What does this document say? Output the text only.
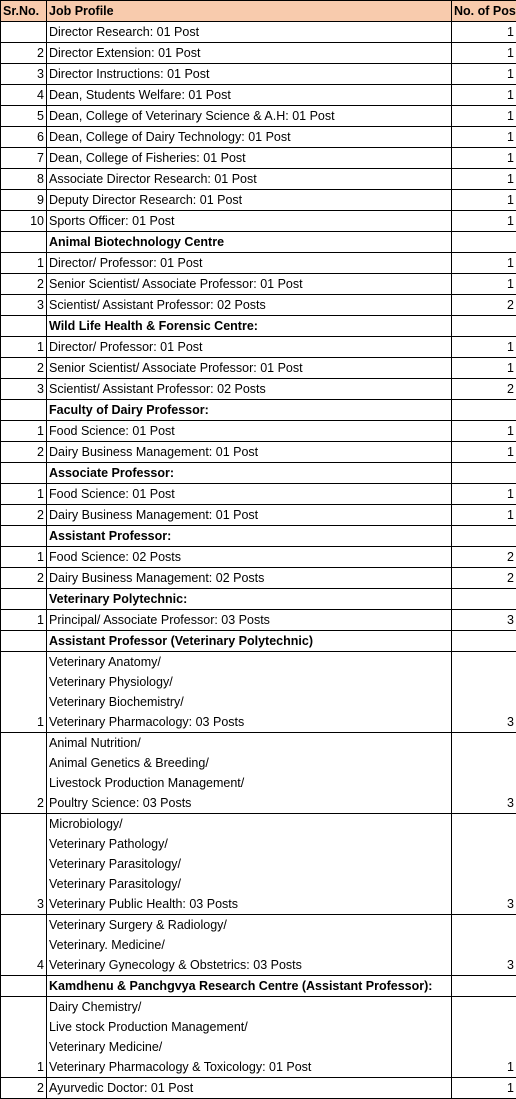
Sr.No.	Job Profile	No. of Pos

	Director Research: 01 Post	1
2	Director Extension: 01 Post	1
3	Director Instructions: 01 Post	1
4	Dean, Students Welfare: 01 Post	1
5	Dean, College of Veterinary Science & A.H: 01 Post	1
6	Dean, College of Dairy Technology: 01 Post	1
7	Dean, College of Fisheries: 01 Post	1
8	Associate Director Research: 01 Post	1
9	Deputy Director Research: 01 Post	1
10	Sports Officer: 01 Post	1

	Animal Biotechnology Centre	

1	Director/ Professor: 01 Post	1
2	Senior Scientist/ Associate Professor: 01 Post	1
3	Scientist/ Assistant Professor: 02 Posts	2

	Wild Life Health & Forensic Centre:	

1	Director/ Professor: 01 Post	1
2	Senior Scientist/ Associate Professor: 01 Post	1
3	Scientist/ Assistant Professor: 02 Posts	2

	Faculty of Dairy Professor:	

1	Food Science: 01 Post	1
2	Dairy Business Management: 01 Post	1

	Associate Professor:	

1	Food Science: 01 Post	1
2	Dairy Business Management: 01 Post	1

	Assistant Professor:	

1	Food Science: 02 Posts	2
2	Dairy Business Management: 02 Posts	2

	Veterinary Polytechnic:	

1	Principal/ Associate Professor: 03 Posts	3

	Assistant Professor (Veterinary Polytechnic)	

1	Veterinary Anatomy/
Veterinary Physiology/
Veterinary Biochemistry/
Veterinary Pharmacology: 03 Posts	3
2	Animal Nutrition/
Animal Genetics & Breeding/
Livestock Production Management/
Poultry Science: 03 Posts	3
3	Microbiology/
Veterinary Pathology/
Veterinary Parasitology/
Veterinary Parasitology/
Veterinary Public Health: 03 Posts	3
4	Veterinary Surgery & Radiology/
Veterinary. Medicine/
Veterinary Gynecology & Obstetrics: 03 Posts	3

	Kamdhenu & Panchgvya Research Centre (Assistant Professor):	

1	Dairy Chemistry/
Live stock Production Management/
Veterinary Medicine/
Veterinary Pharmacology & Toxicology: 01 Post	1
2	Ayurvedic Doctor: 01 Post	1
